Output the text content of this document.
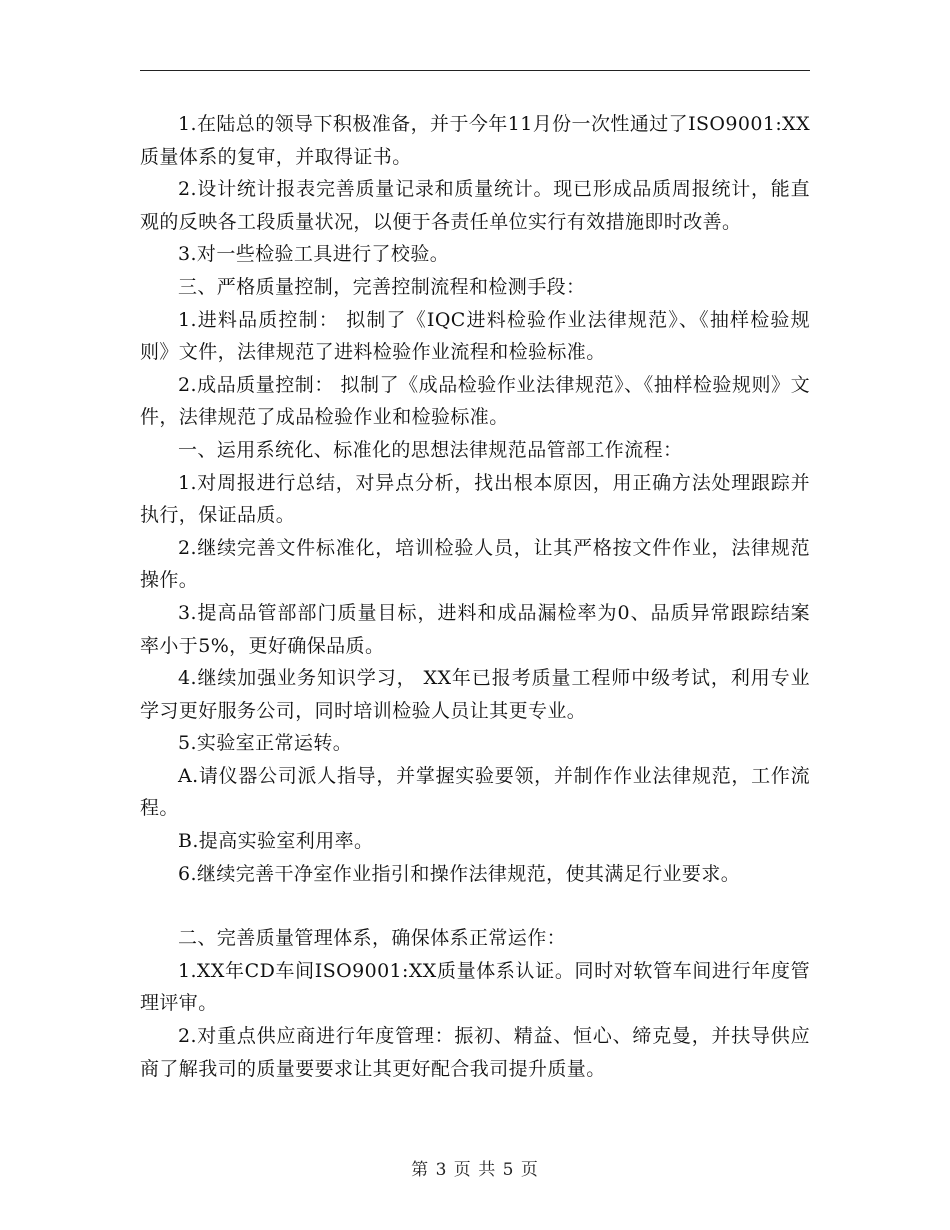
1.在陆总的领导下积极准备，并于今年11月份一次性通过了ISO9001:XX质量体系的复审，并取得证书。

2.设计统计报表完善质量记录和质量统计。现已形成品质周报统计，能直观的反映各工段质量状况，以便于各责任单位实行有效措施即时改善。

3.对一些检验工具进行了校验。

三、严格质量控制，完善控制流程和检测手段：

1.进料品质控制： 拟制了《IQC进料检验作业法律规范》、《抽样检验规则》文件，法律规范了进料检验作业流程和检验标准。

2.成品质量控制： 拟制了《成品检验作业法律规范》、《抽样检验规则》文件，法律规范了成品检验作业和检验标准。

一、运用系统化、标准化的思想法律规范品管部工作流程：

1.对周报进行总结，对异点分析，找出根本原因，用正确方法处理跟踪并执行，保证品质。

2.继续完善文件标准化，培训检验人员，让其严格按文件作业，法律规范操作。

3.提高品管部部门质量目标，进料和成品漏检率为0、品质异常跟踪结案率小于5%，更好确保品质。

4.继续加强业务知识学习， XX年已报考质量工程师中级考试，利用专业学习更好服务公司，同时培训检验人员让其更专业。

5.实验室正常运转。

A.请仪器公司派人指导，并掌握实验要领，并制作作业法律规范，工作流程。

B.提高实验室利用率。

6.继续完善干净室作业指引和操作法律规范，使其满足行业要求。

二、完善质量管理体系，确保体系正常运作：

1.XX年CD车间ISO9001:XX质量体系认证。同时对软管车间进行年度管理评审。

2.对重点供应商进行年度管理：振初、精益、恒心、缔克曼，并扶导供应商了解我司的质量要要求让其更好配合我司提升质量。

第 3 页 共 5 页
